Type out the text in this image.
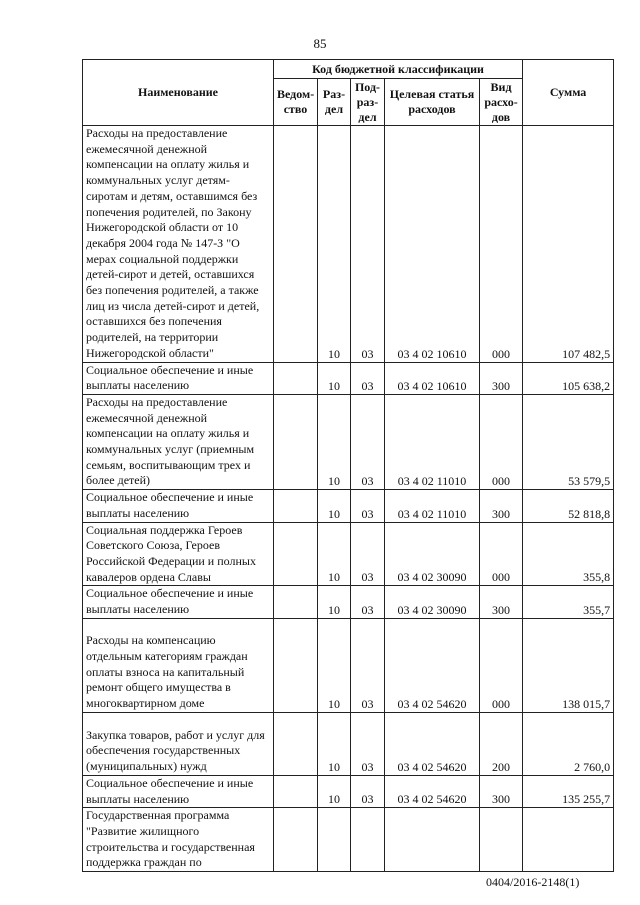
85
Наименование	Код бюджетной классификации					Сумма
	Ведом-ство	Раз-дел	Под-раз-дел	Целевая статья расходов	Вид расхо-дов	
Расходы на предоставление ежемесячной денежной компенсации на оплату жилья и коммунальных услуг детям-сиротам и детям, оставшимся без попечения родителей, по Закону Нижегородской области от 10 декабря 2004 года № 147-З "О мерах социальной поддержки детей-сирот и детей, оставшихся без попечения родителей, а также лиц из числа детей-сирот и детей, оставшихся без попечения родителей, на территории Нижегородской области"		10	03	03 4 02 10610	000	107 482,5
Социальное обеспечение и иные выплаты населению		10	03	03 4 02 10610	300	105 638,2
Расходы на предоставление ежемесячной денежной компенсации на оплату жилья и коммунальных услуг (приемным семьям, воспитывающим трех и более детей)		10	03	03 4 02 11010	000	53 579,5
Социальное обеспечение и иные выплаты населению		10	03	03 4 02 11010	300	52 818,8
Социальная поддержка Героев Советского Союза, Героев Российской Федерации и полных кавалеров ордена Славы		10	03	03 4 02 30090	000	355,8
Социальное обеспечение и иные выплаты населению		10	03	03 4 02 30090	300	355,7
Расходы на компенсацию отдельным категориям граждан оплаты взноса на капитальный ремонт общего имущества в многоквартирном доме		10	03	03 4 02 54620	000	138 015,7
Закупка товаров, работ и услуг для обеспечения государственных (муниципальных) нужд		10	03	03 4 02 54620	200	2 760,0
Социальное обеспечение и иные выплаты населению		10	03	03 4 02 54620	300	135 255,7
Государственная программа "Развитие жилищного строительства и государственная поддержка граждан по						
0404/2016-2148(1)
